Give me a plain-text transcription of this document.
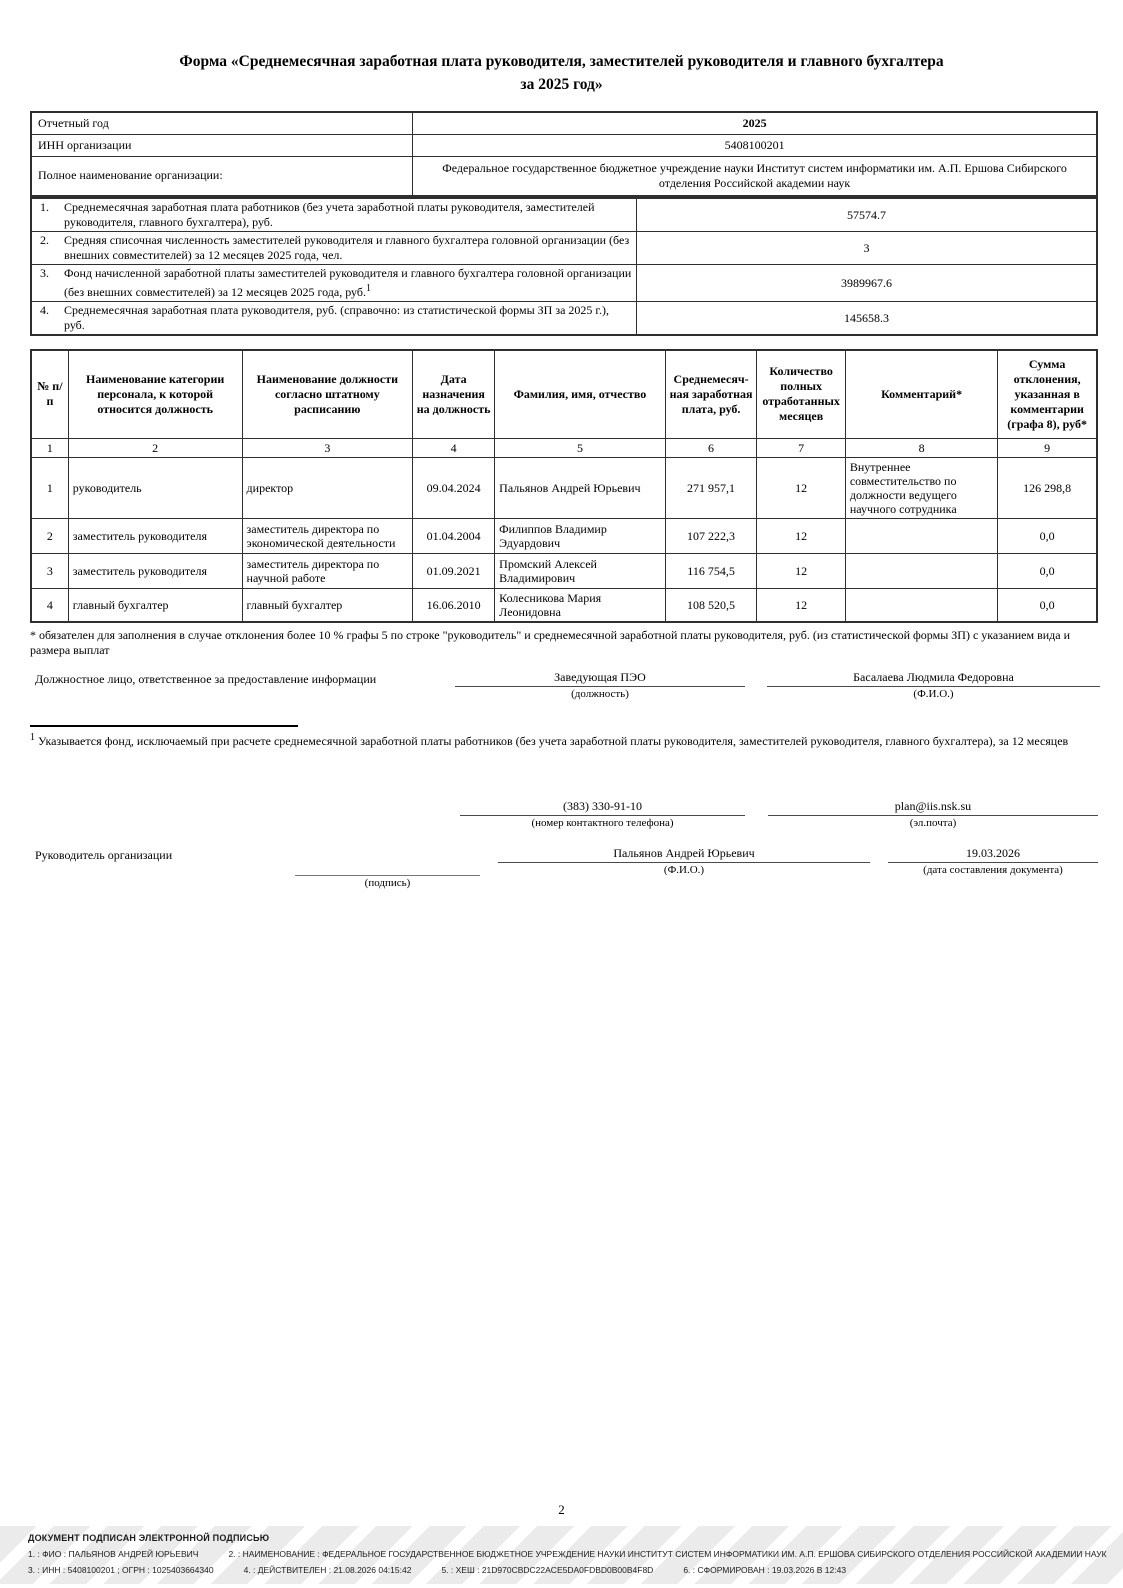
Форма «Среднемесячная заработная плата руководителя, заместителей руководителя и главного бухгалтера
за 2025 год»
Отчетный год	2025
ИНН организации	5408100201
Полное наименование организации:	Федеральное государственное бюджетное учреждение науки Институт систем информатики им. А.П. Ершова Сибирского отделения Российской академии наук
1. Среднемесячная заработная плата работников (без учета заработной платы руководителя, заместителей руководителя, главного бухгалтера), руб.	57574.7

2. Средняя списочная численность заместителей руководителя и главного бухгалтера головной организации (без внешних совместителей) за 12 месяцев 2025 года, чел.	3

3. Фонд начисленной заработной платы заместителей руководителя и главного бухгалтера головной организации (без внешних совместителей) за 12 месяцев 2025 года, руб.$^1$	3989967.6

4. Среднемесячная заработная плата руководителя, руб. (справочно: из статистической формы ЗП за 2025 г.), руб.	145658.3
№ п/п	Наименование категории персонала, к которой относится должность	Наименование должности согласно штатному расписанию	Дата назначения на должность	Фамилия, имя, отчество	Среднемесяч-ная заработная плата, руб.	Количество полных отработанных месяцев	Комментарий*	Сумма отклонения, указанная в комментарии (графа 8), руб*
1	2	3	4	5	6	7	8	9
1	руководитель	директор	09.04.2024	Пальянов Андрей Юрьевич	271 957,1	12	Внутреннее совместительство по должности ведущего научного сотрудника	126 298,8
2	заместитель руководителя	заместитель директора по экономической деятельности	01.04.2004	Филиппов Владимир Эдуардович	107 222,3	12		0,0
3	заместитель руководителя	заместитель директора по научной работе	01.09.2021	Промский Алексей Владимирович	116 754,5	12		0,0
4	главный бухгалтер	главный бухгалтер	16.06.2010	Колесникова Мария Леонидовна	108 520,5	12		0,0
* обязателен для заполнения в случае отклонения более 10 % графы 5 по строке "руководитель" и среднемесячной заработной платы руководителя, руб. (из статистической формы ЗП) с указанием вида и размера выплат
Должностное лицо, ответственное за предоставление информации	Заведующая ПЭО
(должность)
Басалаева Людмила Федоровна
(Ф.И.О.)
$^1$ Указывается фонд, исключаемый при расчете среднемесячной заработной платы работников (без учета заработной платы руководителя, заместителей руководителя, главного бухгалтера), за 12 месяцев
(383) 330-91-10
(номер контактного телефона)
plan@iis.nsk.su
(эл.почта)
Руководитель организации
(подпись)
Пальянов Андрей Юрьевич
(Ф.И.О.)
19.03.2026
(дата составления документа)
2
ДОКУМЕНТ ПОДПИСАН ЭЛЕКТРОННОЙ ПОДПИСЬЮ
1. : ФИО : ПАЛЬЯНОВ АНДРЕЙ ЮРЬЕВИЧ	2. : НАИМЕНОВАНИЕ : ФЕДЕРАЛЬНОЕ ГОСУДАРСТВЕННОЕ БЮДЖЕТНОЕ УЧРЕЖДЕНИЕ НАУКИ ИНСТИТУТ СИСТЕМ ИНФОРМАТИКИ ИМ. А.П. ЕРШОВА СИБИРСКОГО ОТДЕЛЕНИЯ РОССИЙСКОЙ АКАДЕМИИ НАУК
3. : ИНН : 5408100201 ; ОГРН : 1025403664340	4. : ДЕЙСТВИТЕЛЕН : 21.08.2026 04:15:42	5. : ХЕШ : 21D970CBDC22ACE5DA0FDBD0B00B4F8D	6. : СФОРМИРОВАН : 19.03.2026 В 12:43
